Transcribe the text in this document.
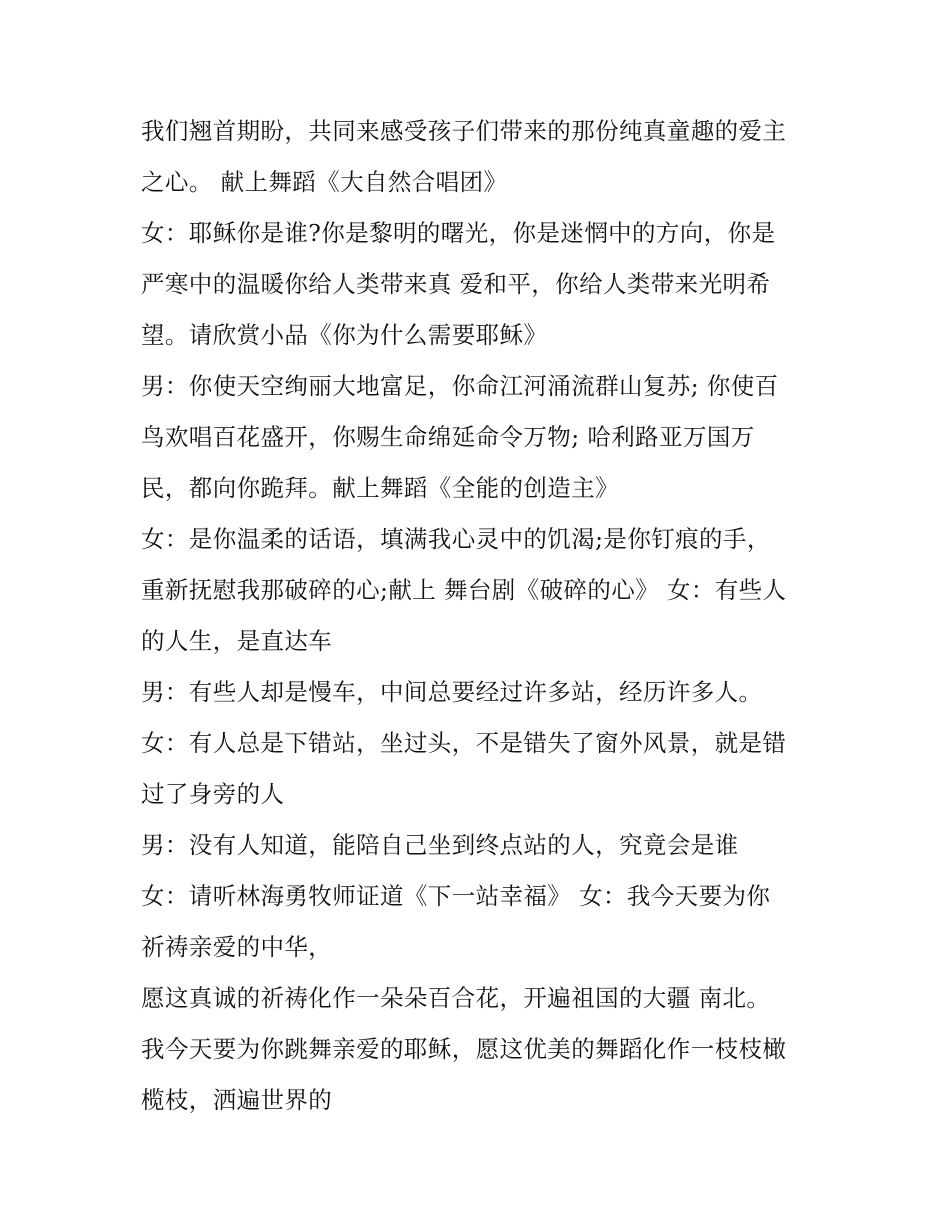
我们翘首期盼，共同来感受孩子们带来的那份纯真童趣的爱主
之心。 献上舞蹈《大自然合唱团》
女：耶稣你是谁?你是黎明的曙光，你是迷惘中的方向，你是
严寒中的温暖你给人类带来真 爱和平，你给人类带来光明希
望。请欣赏小品《你为什么需要耶稣》
男：你使天空绚丽大地富足，你命江河涌流群山复苏; 你使百
鸟欢唱百花盛开，你赐生命绵延命令万物; 哈利路亚万国万
民，都向你跪拜。献上舞蹈《全能的创造主》
女：是你温柔的话语，填满我心灵中的饥渴;是你钉痕的手，
重新抚慰我那破碎的心;献上 舞台剧《破碎的心》 女：有些人
的人生，是直达车
男：有些人却是慢车，中间总要经过许多站，经历许多人。
女：有人总是下错站，坐过头，不是错失了窗外风景，就是错
过了身旁的人
男：没有人知道，能陪自己坐到终点站的人，究竟会是谁
女：请听林海勇牧师证道《下一站幸福》 女：我今天要为你
祈祷亲爱的中华，
愿这真诚的祈祷化作一朵朵百合花，开遍祖国的大疆 南北。
我今天要为你跳舞亲爱的耶稣，愿这优美的舞蹈化作一枝枝橄
榄枝，洒遍世界的
